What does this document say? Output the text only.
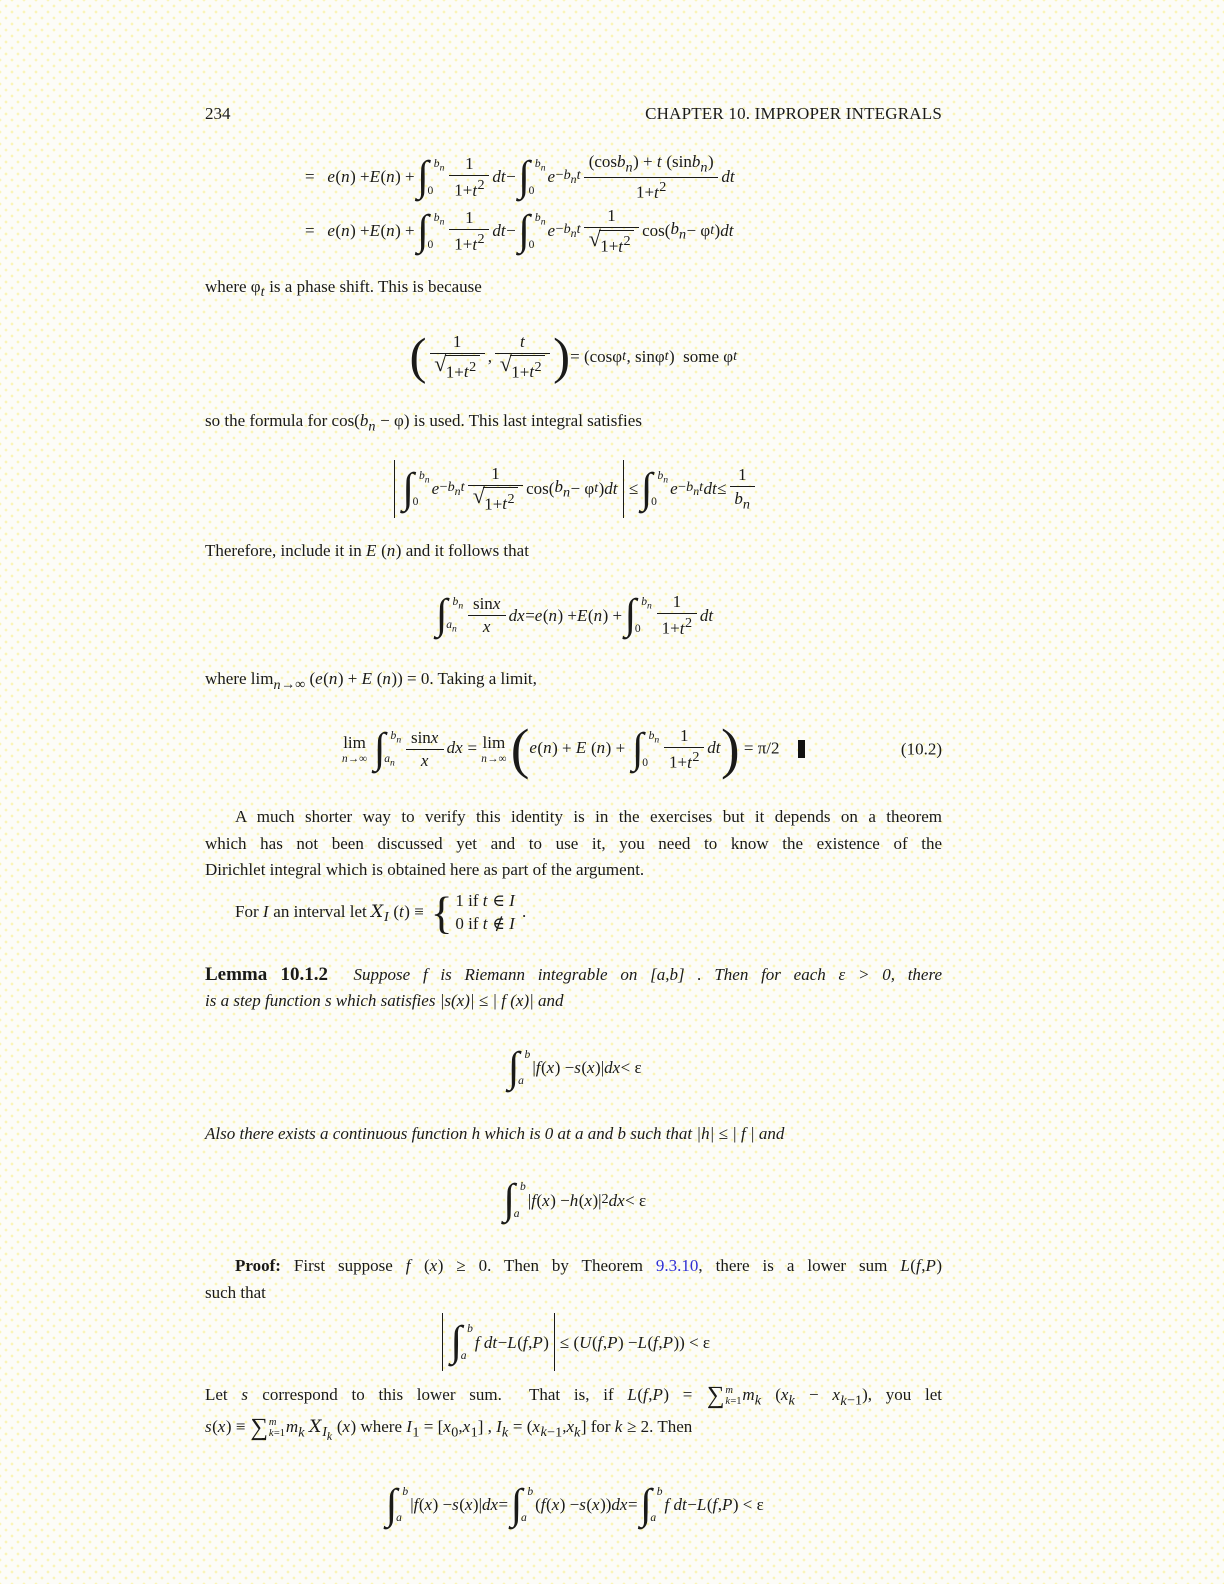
234	CHAPTER 10. IMPROPER INTEGRALS
= e ( n ) + E ( n ) + ∫ $b_n$
0
1
$1+t^2$ dt − ∫ $b_n$
0
$e -b_nt$
(cosb$_n$) + t (sinb$_n$)
$1+t^2$
dt
= e ( n ) + E ( n ) + ∫ $b_n$
0
1
$1+t^2$ dt − ∫ $b_n$
0
$e -b_nt$
1
√ $1+t^2$
cos( $b_n - \varphi$ t ) dt

where $\varphi_t$ is a phase shift. This is because

(	1
√ $1+t^2$
,
t
√ $1+t^2$ ) = (cosφ t , sinφ t )  some φ t

so the formula for $\cos(b_n - \varphi)$ is used. This last integral satisfies

∫ $b_n$
0
$e -b_nt$
1
√ $1+t^2$
cos( $b_n - \varphi$ t ) dt ≤ ∫ $b_n$
0
$e -b_nt$ dt ≤
1
$b_n$

Therefore, include it in E (n) and it follows that

∫ $b_n$
$a_n$
sinx
x
dx = e ( n ) + E ( n ) + ∫ $b_n$
0
1
$1+t^2$ dt

where $\lim_{n\to\infty} (e(n) + E$ (n)) = 0. Taking a limit,

lim
n→∞ ∫ $b_n$
$a_n \frac{\sin x}{x}$ dx = lim
n→∞ (e(n) + E (n) + ∫ $b_n$
$0 \frac{1}{1+t^2} dt) = \pi/2$	(10.2)

A much shorter way to verify this identity is in the exercises but it depends on a theorem

which has not been discussed yet and to use it, you need to know the existence of the

Dirichlet integral which is obtained here as part of the argument.

For I an interval let $X_I$ (t) ≡ { 1 if t ∈ I
0 if t ∉ I
.

Lemma 10.1.2 Suppose f is Riemann integrable on [a,b] . Then for each ε > 0, there

is a step function s which satisfies |s(x)| ≤ | f (x)| and

∫ b
a
| f ( x ) − s ( x )| dx < ε

Also there exists a continuous function h which is 0 at a and b such that |h| ≤ | f | and

∫ b
a
| f ( x ) − h ( x )| 2 dx < ε

Proof: First suppose f (x) ≥ 0. Then by Theorem 9.3.10, there is a lower sum L(f,P)

such that

∫ b
a
f dt − L ( f , P )
≤ ( U ( f , P ) − L ( f , P )) < ε

Let s correspond to this lower sum.  That is, if L(f,P) = ∑ m
k=1 $m_k$ $(x_k - x_{k-1})$, you let

s(x) ≡ ∑ m
k=1 $m_k$ $X_{I_k}$ (x) where $I_1 = [x_0,x_1]$ , $I_k = (x_{k-1},x_k]$ for k ≥ 2. Then

∫ b
a
| f ( x ) − s ( x )| dx = ∫ b
a
( f ( x ) − s ( x )) dx = ∫ b
a
f dt − L ( f , P ) < ε
